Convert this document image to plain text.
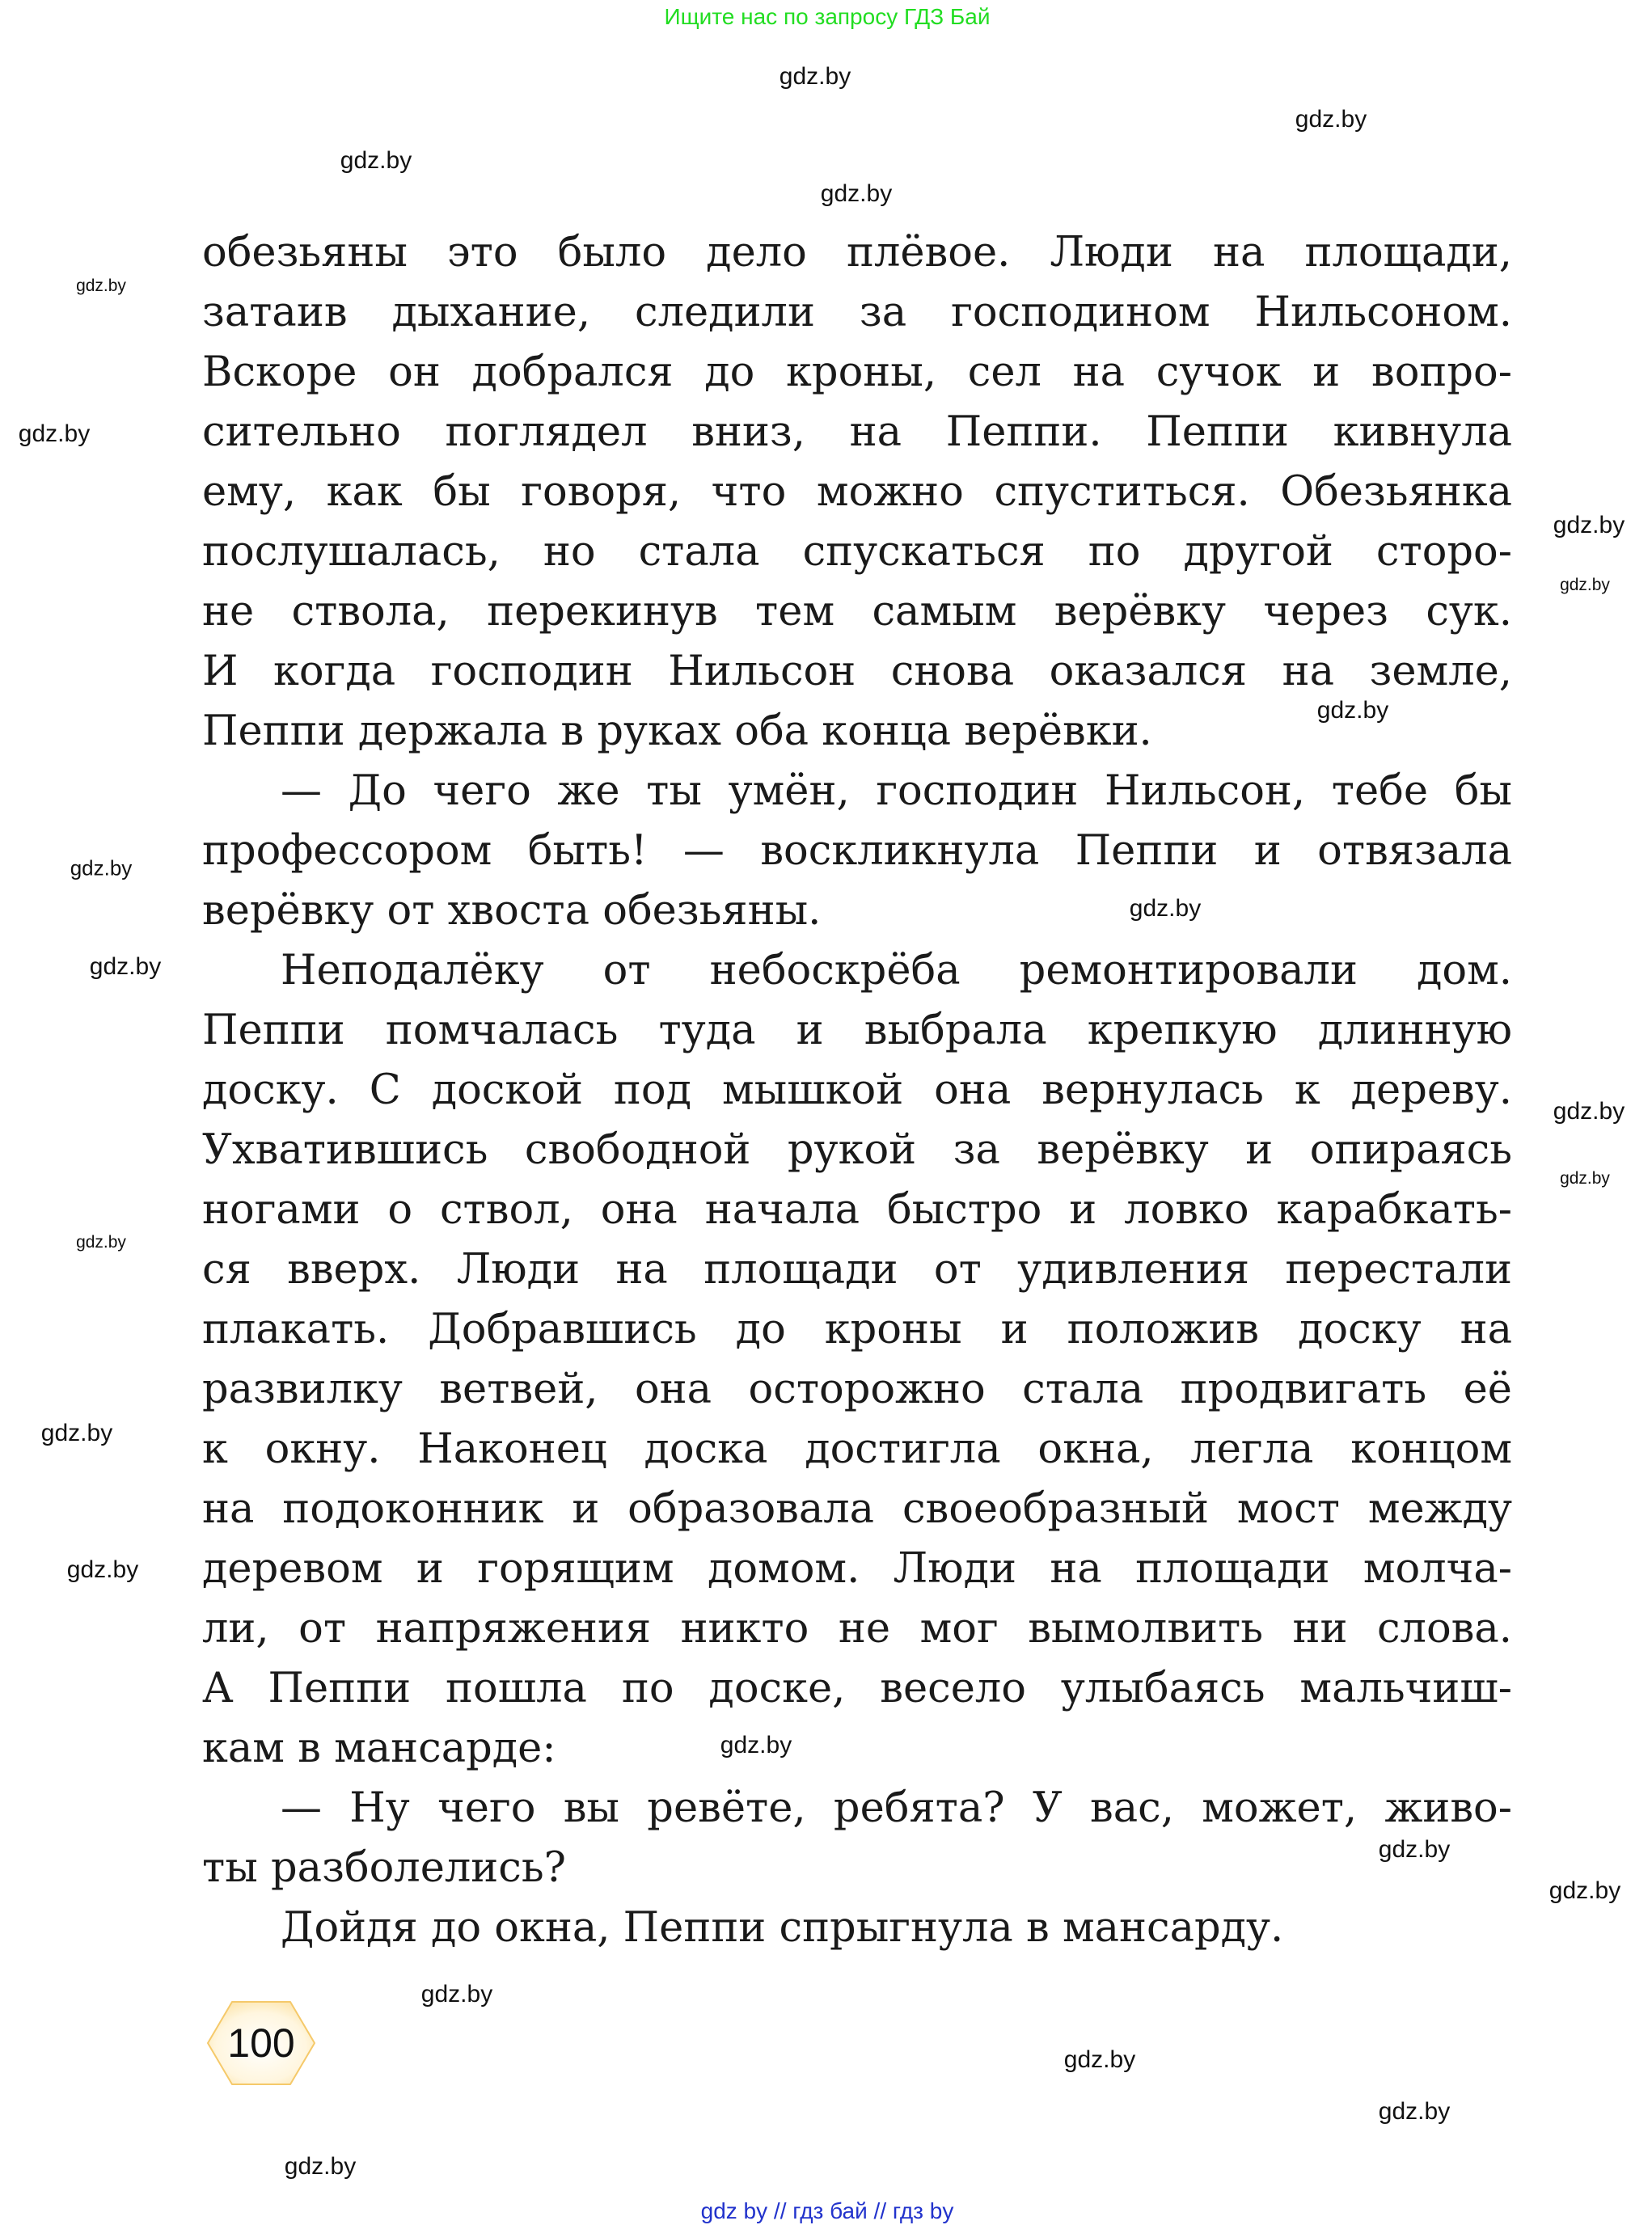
Ищите нас по запросу ГДЗ Бай
обезьяны это было дело плёвое. Люди на площади,
затаив дыхание, следили за господином Нильсоном.
Вскоре он добрался до кроны, сел на сучок и вопро-
сительно поглядел вниз, на Пеппи. Пеппи кивнула
ему, как бы говоря, что можно спуститься. Обезьянка
послушалась, но стала спускаться по другой сторо-
не ствола, перекинув тем самым верёвку через сук.
И когда господин Нильсон снова оказался на земле,
Пеппи держала в руках оба конца верёвки.
— До чего же ты умён, господин Нильсон, тебе бы
профессором быть! — воскликнула Пеппи и отвязала
верёвку от хвоста обезьяны.
Неподалёку от небоскрёба ремонтировали дом.
Пеппи помчалась туда и выбрала крепкую длинную
доску. С доской под мышкой она вернулась к дереву.
Ухватившись свободной рукой за верёвку и опираясь
ногами о ствол, она начала быстро и ловко карабкать-
ся вверх. Люди на площади от удивления перестали
плакать. Добравшись до кроны и положив доску на
развилку ветвей, она осторожно стала продвигать её
к окну. Наконец доска достигла окна, легла концом
на подоконник и образовала своеобразный мост между
деревом и горящим домом. Люди на площади молча-
ли, от напряжения никто не мог вымолвить ни слова.
А Пеппи пошла по доске, весело улыбаясь мальчиш-
кам в мансарде:
— Ну чего вы ревёте, ребята? У вас, может, живо-
ты разболелись?
Дойдя до окна, Пеппи спрыгнула в мансарду.
gdz.by
gdz.by
gdz.by
gdz.by
gdz.by
gdz.by
gdz.by
gdz.by
gdz.by
gdz.by
gdz.by
gdz.by
gdz.by
gdz.by
gdz.by
gdz.by
gdz.by
gdz.by
gdz.by
gdz.by
gdz.by
gdz.by
gdz.by
gdz.by
100
gdz by // гдз бай // гдз by
